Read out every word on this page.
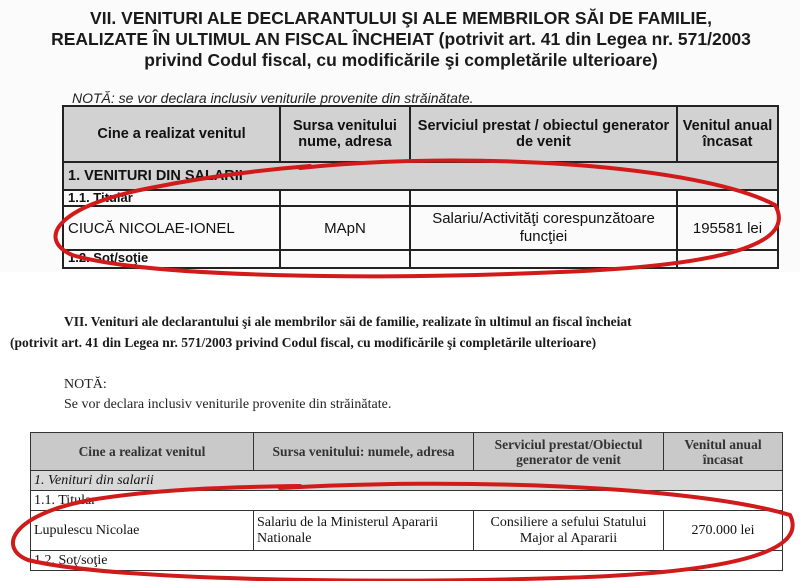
VII. VENITURI ALE DECLARANTULUI ŞI ALE MEMBRILOR SĂI DE FAMILIE, REALIZATE ÎN ULTIMUL AN FISCAL ÎNCHEIAT (potrivit art. 41 din Legea nr. 571/2003 privind Codul fiscal, cu modificările şi completările ulterioare)
NOTĂ: se vor declara inclusiv veniturile provenite din străinătate.
Cine a realizat venitul	Sursa venitului nume, adresa	Serviciul prestat / obiectul generator de venit	Venitul anual încasat
1. VENITURI DIN SALARII			
1.1. Titular			
CIUCĂ NICOLAE-IONEL	MApN	Salariu/Activităţi corespunzătoare funcţiei	195581 lei
1.2. Soţ/soţie			
VII. Venituri ale declarantului şi ale membrilor săi de familie, realizate în ultimul an fiscal încheiat
(potrivit art. 41 din Legea nr. 571/2003 privind Codul fiscal, cu modificările şi completările ulterioare)
NOTĂ:
Se vor declara inclusiv veniturile provenite din străinătate.
Cine a realizat venitul	Sursa venitului: numele, adresa	Serviciul prestat/Obiectul generator de venit	Venitul anual încasat
1. Venituri din salarii			
1.1. Titular			
Lupulescu Nicolae	Salariu de la Ministerul Apararii Nationale	Consiliere a sefului Statului Major al Apararii	270.000 lei
1.2. Soţ/soţie			
